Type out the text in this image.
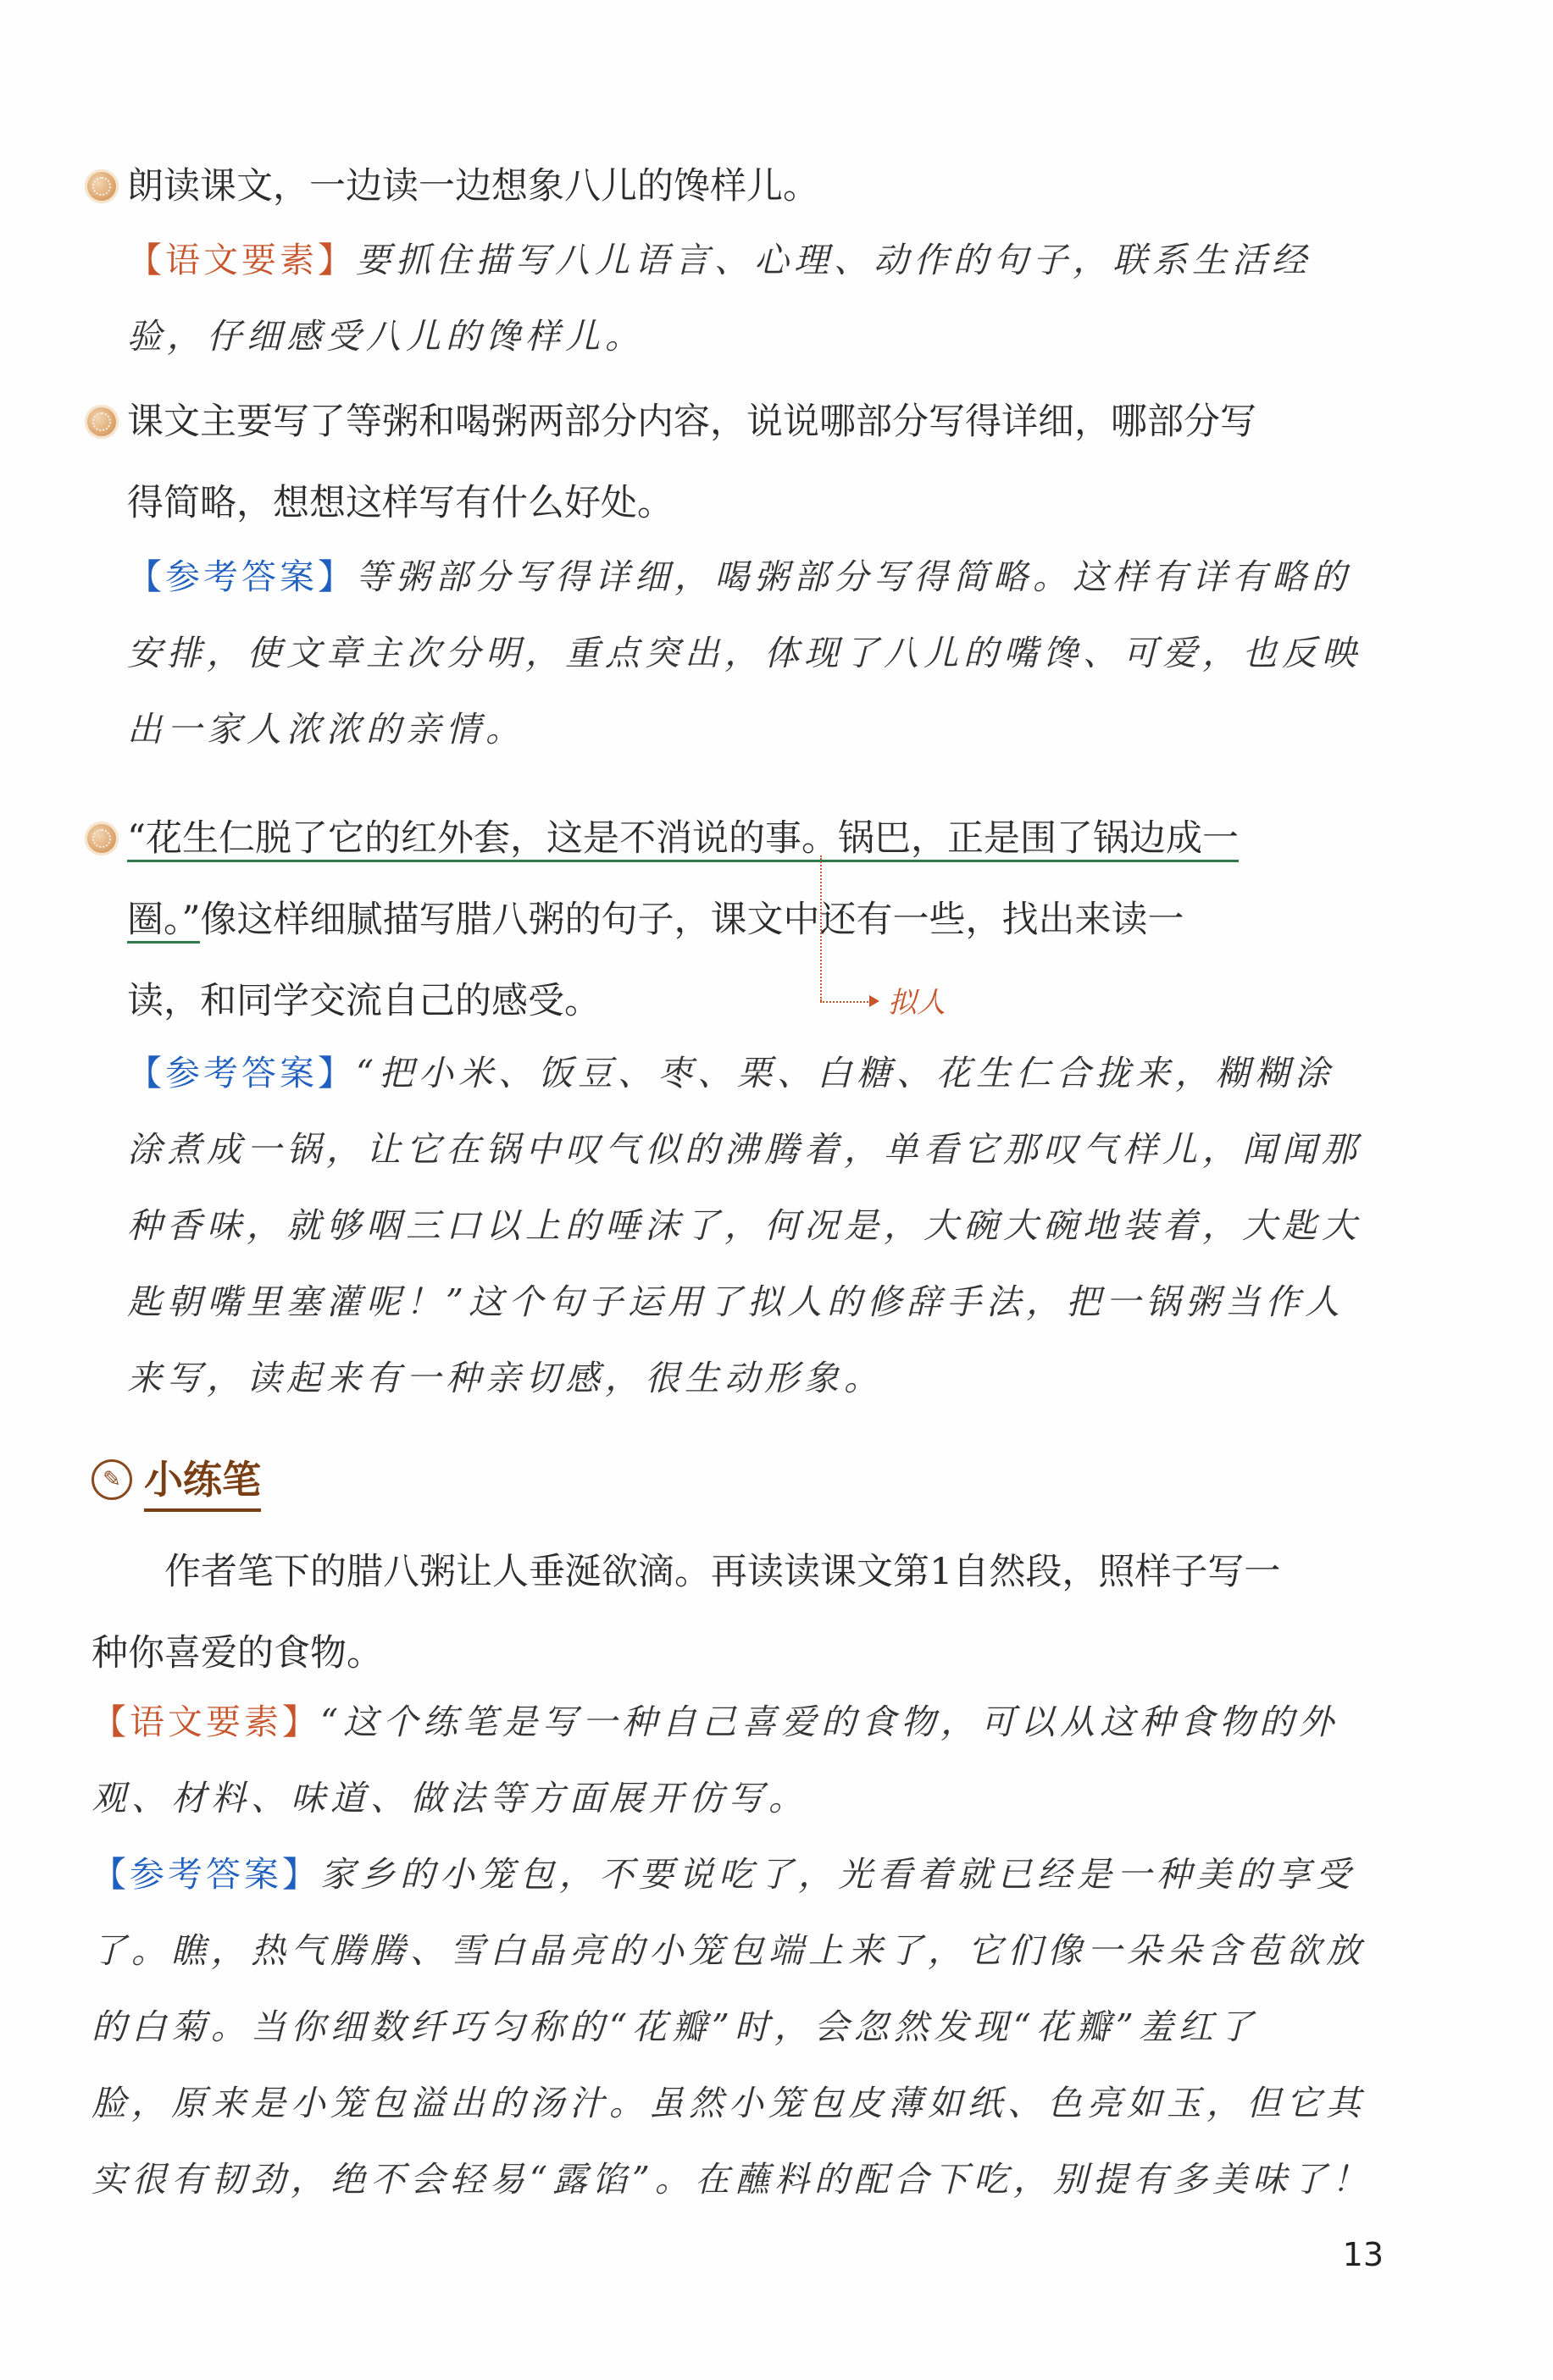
朗读课文，一边读一边想象八儿的馋样儿。
【语文要素】要抓住描写八儿语言、心理、动作的句子，联系生活经
验，仔细感受八儿的馋样儿。
课文主要写了等粥和喝粥两部分内容，说说哪部分写得详细，哪部分写
得简略，想想这样写有什么好处。
【参考答案】等粥部分写得详细，喝粥部分写得简略。这样有详有略的
安排，使文章主次分明，重点突出，体现了八儿的嘴馋、可爱，也反映
出一家人浓浓的亲情。
“花生仁脱了它的红外套，这是不消说的事。锅巴，正是围了锅边成一
圈。”像这样细腻描写腊八粥的句子，课文中还有一些，找出来读一
读，和同学交流自己的感受。	拟人
【参考答案】“把小米、饭豆、枣、栗、白糖、花生仁合拢来，糊糊涂
涂煮成一锅，让它在锅中叹气似的沸腾着，单看它那叹气样儿，闻闻那
种香味，就够咽三口以上的唾沫了，何况是，大碗大碗地装着，大匙大
匙朝嘴里塞灌呢！”这个句子运用了拟人的修辞手法，把一锅粥当作人
来写，读起来有一种亲切感，很生动形象。
✎ 小练笔
作者笔下的腊八粥让人垂涎欲滴。再读读课文第1自然段，照样子写一
种你喜爱的食物。
【语文要素】“这个练笔是写一种自己喜爱的食物，可以从这种食物的外
观、材料、味道、做法等方面展开仿写。
【参考答案】家乡的小笼包，不要说吃了，光看着就已经是一种美的享受
了。瞧，热气腾腾、雪白晶亮的小笼包端上来了，它们像一朵朵含苞欲放
的白菊。当你细数纤巧匀称的“花瓣”时，会忽然发现“花瓣”羞红了
脸，原来是小笼包溢出的汤汁。虽然小笼包皮薄如纸、色亮如玉，但它其
实很有韧劲，绝不会轻易“露馅”。在蘸料的配合下吃，别提有多美味了！
13
